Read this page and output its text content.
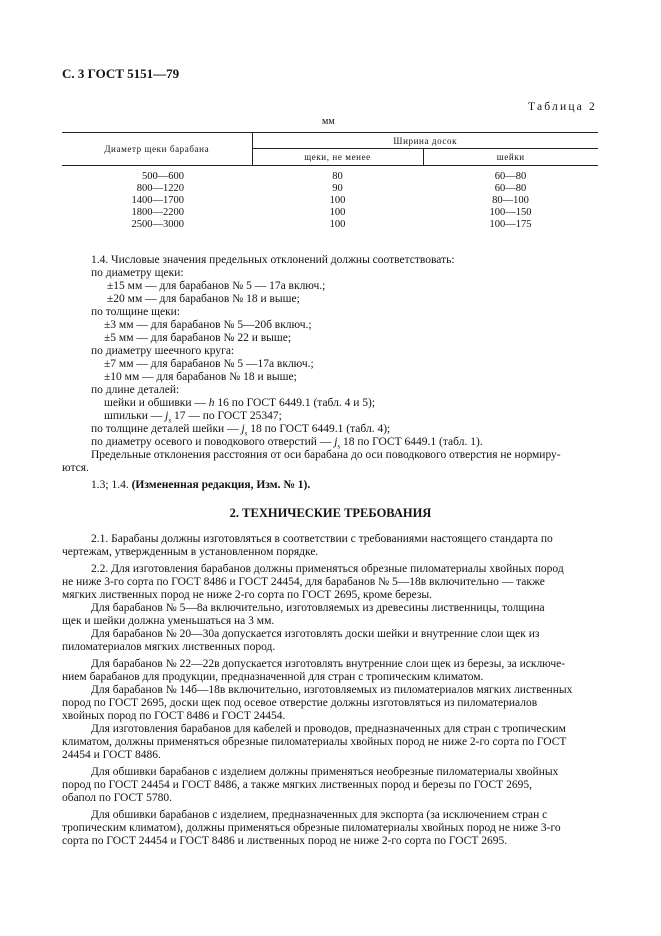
С. 3 ГОСТ 5151—79
Таблица 2
мм
Диаметр щеки барабана	Ширина досок	
	щеки, не менее	шейки

500—600	80	60—80
800—1220	90	60—80
1400—1700	100	80—100
1800—2200	100	100—150
2500—3000	100	100—175
1.4. Числовые значения предельных отклонений должны соответствовать:
по диаметру щеки:
±15 мм — для барабанов № 5 — 17а включ.;
±20 мм — для барабанов № 18 и выше;
по толщине щеки:
±3 мм — для барабанов № 5—20б включ.;
±5 мм — для барабанов № 22 и выше;
по диаметру шеечного круга:
±7 мм — для барабанов № 5 —17а включ.;
±10 мм — для барабанов № 18 и выше;
по длине деталей:
шейки и обшивки — h 16 по ГОСТ 6449.1 (табл. 4 и 5);
шпильки — $j_s$ 17 — по ГОСТ 25347;
по толщине деталей шейки — $j_s$ 18 по ГОСТ 6449.1 (табл. 4);
по диаметру осевого и поводкового отверстий — $j_s$ 18 по ГОСТ 6449.1 (табл. 1).
Предельные отклонения расстояния от оси барабана до оси поводкового отверстия не нормиру-
ются.
1.3; 1.4. (Измененная редакция, Изм. № 1).
2. ТЕХНИЧЕСКИЕ ТРЕБОВАНИЯ
2.1. Барабаны должны изготовляться в соответствии с требованиями настоящего стандарта по
чертежам, утвержденным в установленном порядке.
2.2. Для изготовления барабанов должны применяться обрезные пиломатериалы хвойных пород
не ниже 3-го сорта по ГОСТ 8486 и ГОСТ 24454, для барабанов № 5—18в включительно — также
мягких лиственных пород не ниже 2-го сорта по ГОСТ 2695, кроме березы.
Для барабанов № 5—8а включительно, изготовляемых из древесины лиственницы, толщина
щек и шейки должна уменьшаться на 3 мм.
Для барабанов № 20—30а допускается изготовлять доски шейки и внутренние слои щек из
пиломатериалов мягких лиственных пород.
Для барабанов № 22—22в допускается изготовлять внутренние слои щек из березы, за исключе-
нием барабанов для продукции, предназначенной для стран с тропическим климатом.
Для барабанов № 14б—18в включительно, изготовляемых из пиломатериалов мягких лиственных
пород по ГОСТ 2695, доски щек под осевое отверстие должны изготовляться из пиломатериалов
хвойных пород по ГОСТ 8486 и ГОСТ 24454.
Для изготовления барабанов для кабелей и проводов, предназначенных для стран с тропическим
климатом, должны применяться обрезные пиломатериалы хвойных пород не ниже 2-го сорта по ГОСТ
24454 и ГОСТ 8486.
Для обшивки барабанов с изделием должны применяться необрезные пиломатериалы хвойных
пород по ГОСТ 24454 и ГОСТ 8486, а также мягких лиственных пород и березы по ГОСТ 2695,
обапол по ГОСТ 5780.
Для обшивки барабанов с изделием, предназначенных для экспорта (за исключением стран с
тропическим климатом), должны применяться обрезные пиломатериалы хвойных пород не ниже 3-го
сорта по ГОСТ 24454 и ГОСТ 8486 и лиственных пород не ниже 2-го сорта по ГОСТ 2695.
